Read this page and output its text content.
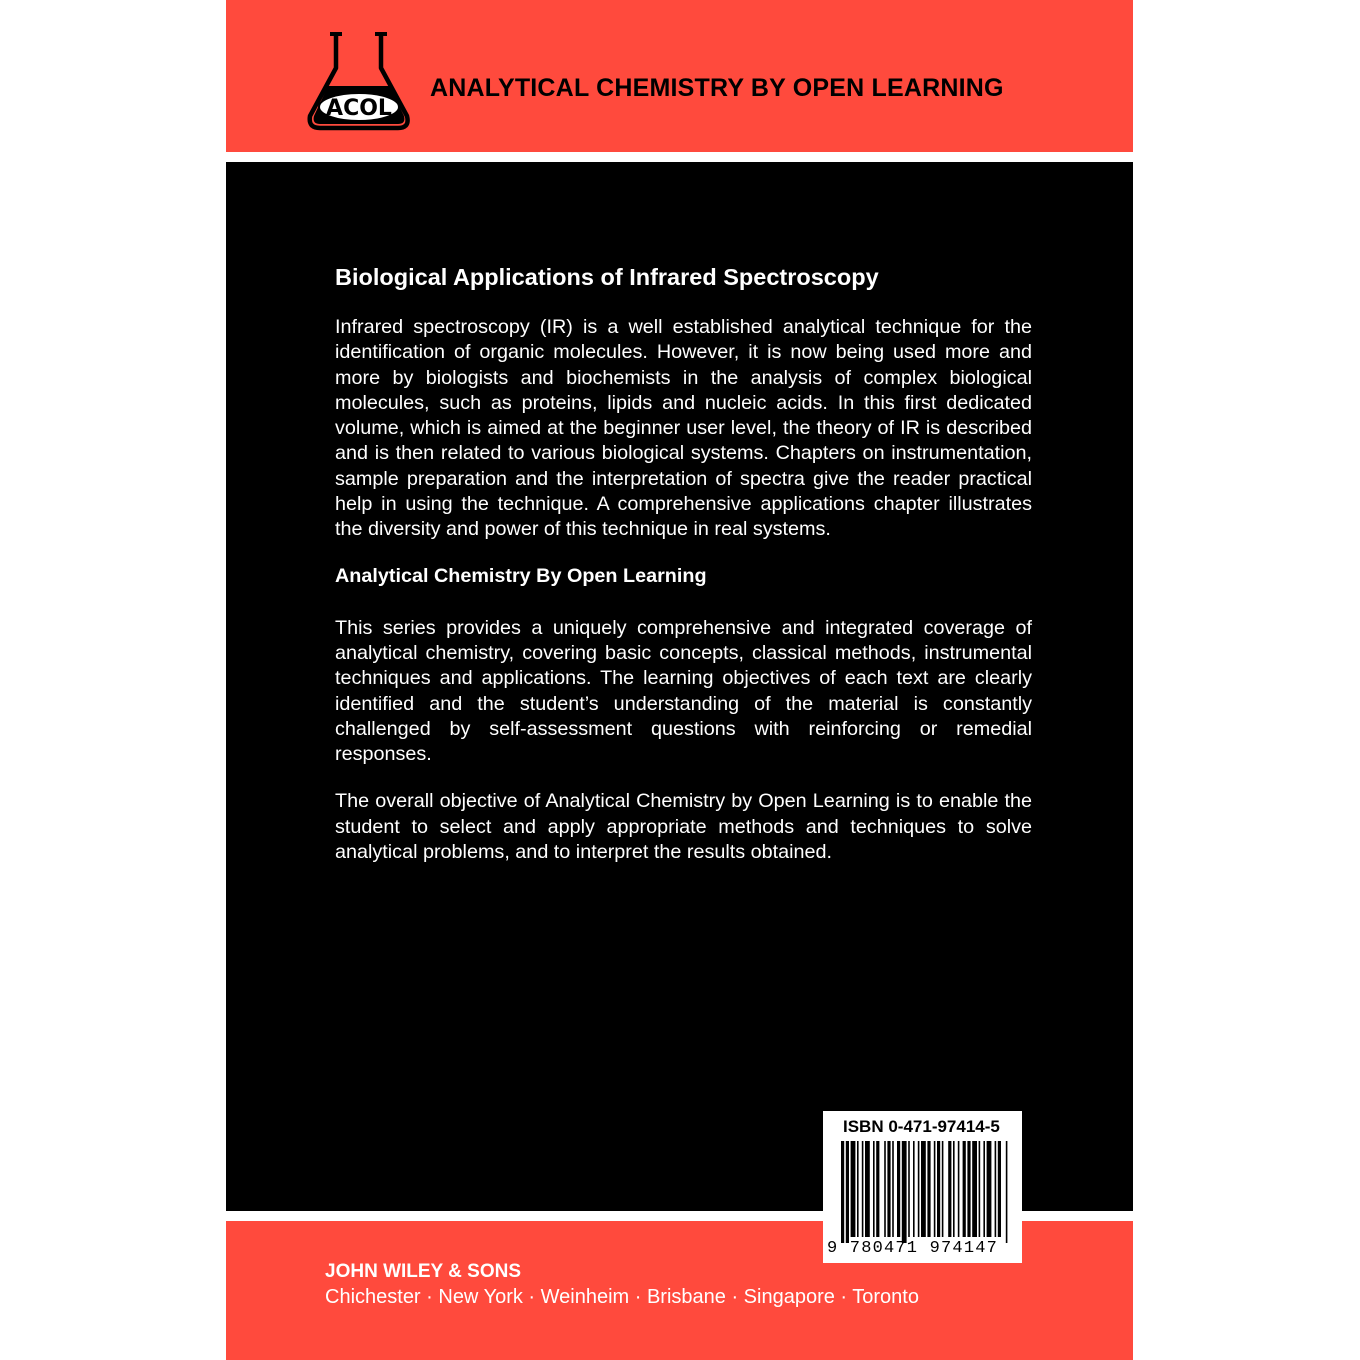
ACOL
ANALYTICAL CHEMISTRY BY OPEN LEARNING
Biological Applications of Infrared Spectroscopy

Infrared spectroscopy (IR) is a well established analytical technique for the identification of organic molecules. However, it is now being used more and more by biologists and biochemists in the analysis of complex biological molecules, such as proteins, lipids and nucleic acids. In this first dedicated volume, which is aimed at the beginner user level, the theory of IR is described and is then related to various biological systems. Chapters on instrumentation, sample preparation and the interpretation of spectra give the reader practical help in using the technique. A comprehensive applications chapter illustrates the diversity and power of this technique in real systems.

Analytical Chemistry By Open Learning

This series provides a uniquely comprehensive and integrated coverage of analytical chemistry, covering basic concepts, classical methods, instrumental techniques and applications. The learning objectives of each text are clearly identified and the student’s understanding of the material is constantly challenged by self-assessment questions with reinforcing or remedial responses.

The overall objective of Analytical Chemistry by Open Learning is to enable the student to select and apply appropriate methods and techniques to solve analytical problems, and to interpret the results obtained.

JOHN WILEY & SONS
Chichester · New York · Weinheim · Brisbane · Singapore · Toronto
ISBN 0-471-97414-5
9 780471 974147
